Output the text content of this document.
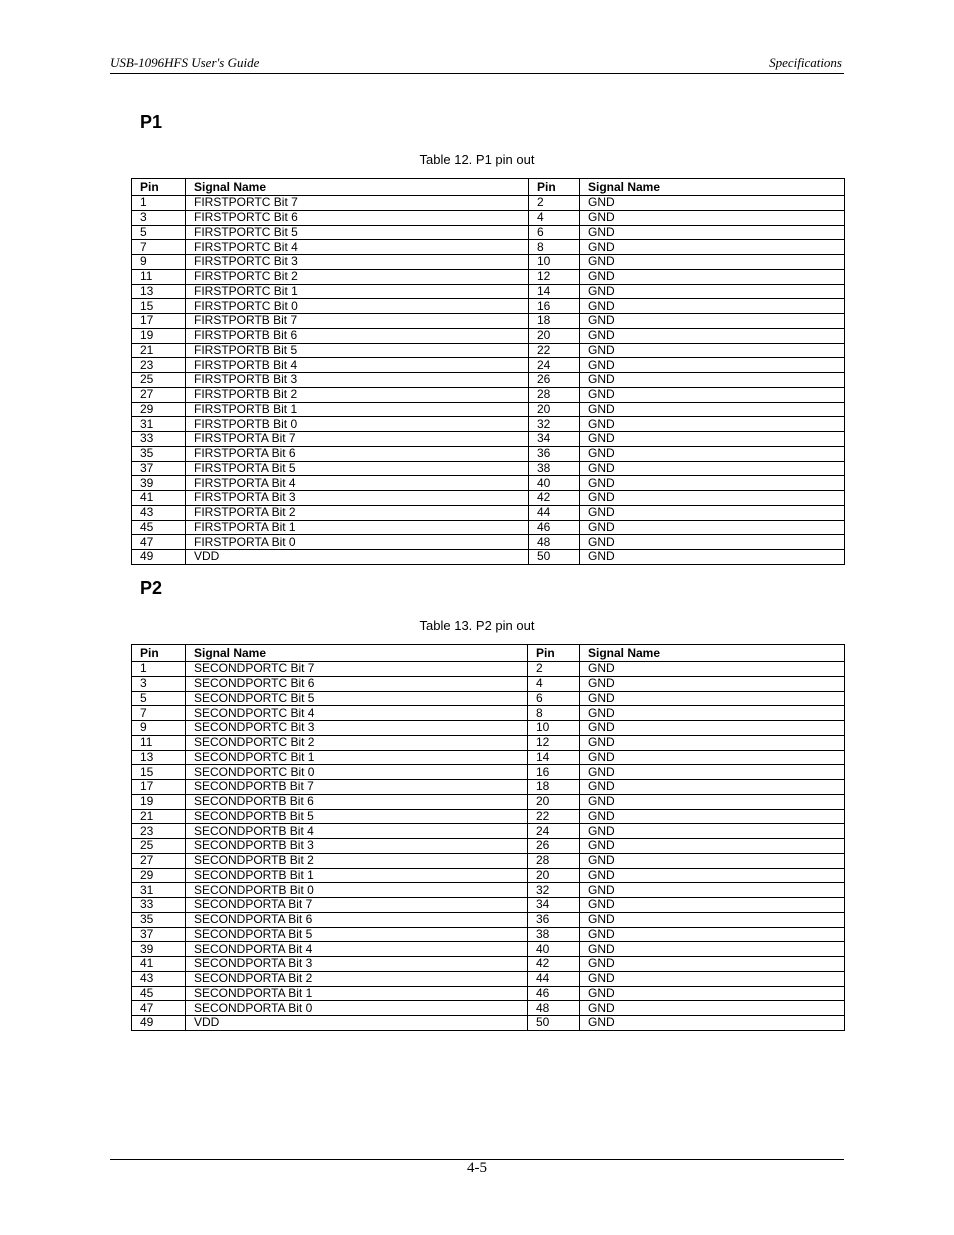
USB-1096HFS User's Guide	Specifications
P1
Table 12. P1 pin out
Pin	Signal Name	Pin	Signal Name
1	FIRSTPORTC Bit 7	2	GND
3	FIRSTPORTC Bit 6	4	GND
5	FIRSTPORTC Bit 5	6	GND
7	FIRSTPORTC Bit 4	8	GND
9	FIRSTPORTC Bit 3	10	GND
11	FIRSTPORTC Bit 2	12	GND
13	FIRSTPORTC Bit 1	14	GND
15	FIRSTPORTC Bit 0	16	GND
17	FIRSTPORTB Bit 7	18	GND
19	FIRSTPORTB Bit 6	20	GND
21	FIRSTPORTB Bit 5	22	GND
23	FIRSTPORTB Bit 4	24	GND
25	FIRSTPORTB Bit 3	26	GND
27	FIRSTPORTB Bit 2	28	GND
29	FIRSTPORTB Bit 1	20	GND
31	FIRSTPORTB Bit 0	32	GND
33	FIRSTPORTA Bit 7	34	GND
35	FIRSTPORTA Bit 6	36	GND
37	FIRSTPORTA Bit 5	38	GND
39	FIRSTPORTA Bit 4	40	GND
41	FIRSTPORTA Bit 3	42	GND
43	FIRSTPORTA Bit 2	44	GND
45	FIRSTPORTA Bit 1	46	GND
47	FIRSTPORTA Bit 0	48	GND
49	VDD	50	GND
P2
Table 13. P2 pin out
Pin	Signal Name	Pin	Signal Name
1	SECONDPORTC Bit 7	2	GND
3	SECONDPORTC Bit 6	4	GND
5	SECONDPORTC Bit 5	6	GND
7	SECONDPORTC Bit 4	8	GND
9	SECONDPORTC Bit 3	10	GND
11	SECONDPORTC Bit 2	12	GND
13	SECONDPORTC Bit 1	14	GND
15	SECONDPORTC Bit 0	16	GND
17	SECONDPORTB Bit 7	18	GND
19	SECONDPORTB Bit 6	20	GND
21	SECONDPORTB Bit 5	22	GND
23	SECONDPORTB Bit 4	24	GND
25	SECONDPORTB Bit 3	26	GND
27	SECONDPORTB Bit 2	28	GND
29	SECONDPORTB Bit 1	20	GND
31	SECONDPORTB Bit 0	32	GND
33	SECONDPORTA Bit 7	34	GND
35	SECONDPORTA Bit 6	36	GND
37	SECONDPORTA Bit 5	38	GND
39	SECONDPORTA Bit 4	40	GND
41	SECONDPORTA Bit 3	42	GND
43	SECONDPORTA Bit 2	44	GND
45	SECONDPORTA Bit 1	46	GND
47	SECONDPORTA Bit 0	48	GND
49	VDD	50	GND
4-5
